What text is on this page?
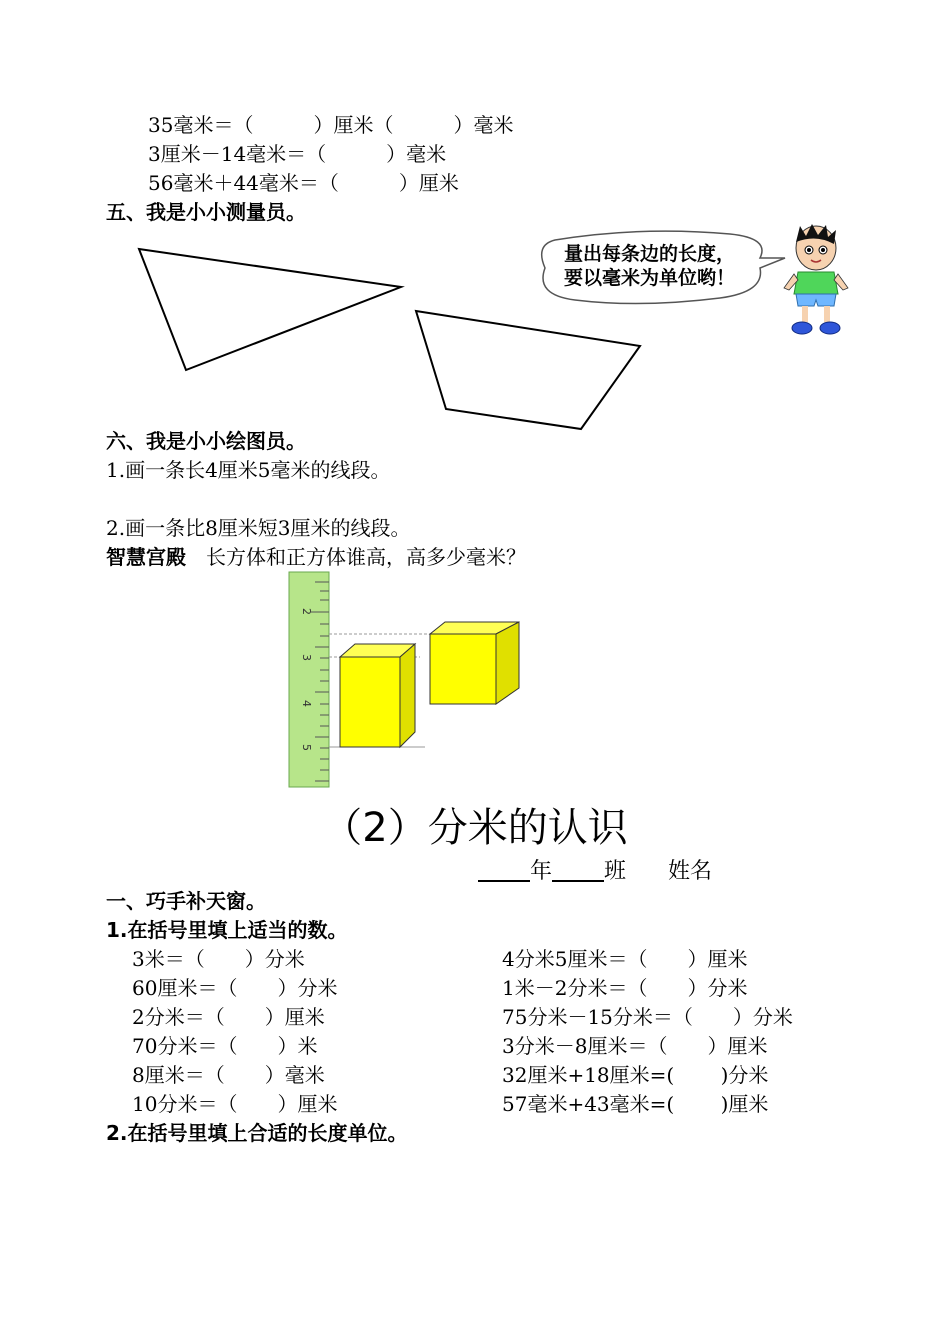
35毫米＝（　　　）厘米（　　　）毫米
3厘米－14毫米＝（　　　）毫米
56毫米＋44毫米＝（　　　）厘米
五、我是小小测量员。
量出每条边的长度，
要以毫米为单位哟！
六、我是小小绘图员。
1.画一条长4厘米5毫米的线段。
2.画一条比8厘米短3厘米的线段。
智慧宫殿　 长方体和正方体谁高，高多少毫米？
2
3
4
5
（2）分米的认识
年 班 姓名
一、巧手补天窗。
1.在括号里填上适当的数。
3米＝（　　）分米
60厘米＝（　　）分米
2分米＝（　　）厘米
70分米＝（　　）米
8厘米＝（　　）毫米
10分米＝（　　）厘米
4分米5厘米＝（　　）厘米
1米－2分米＝（　　）分米
75分米－15分米＝（　　）分米
3分米－8厘米＝（　　）厘米
32厘米+18厘米=(　　 )分米
57毫米+43毫米=(　　 )厘米
2.在括号里填上合适的长度单位。
